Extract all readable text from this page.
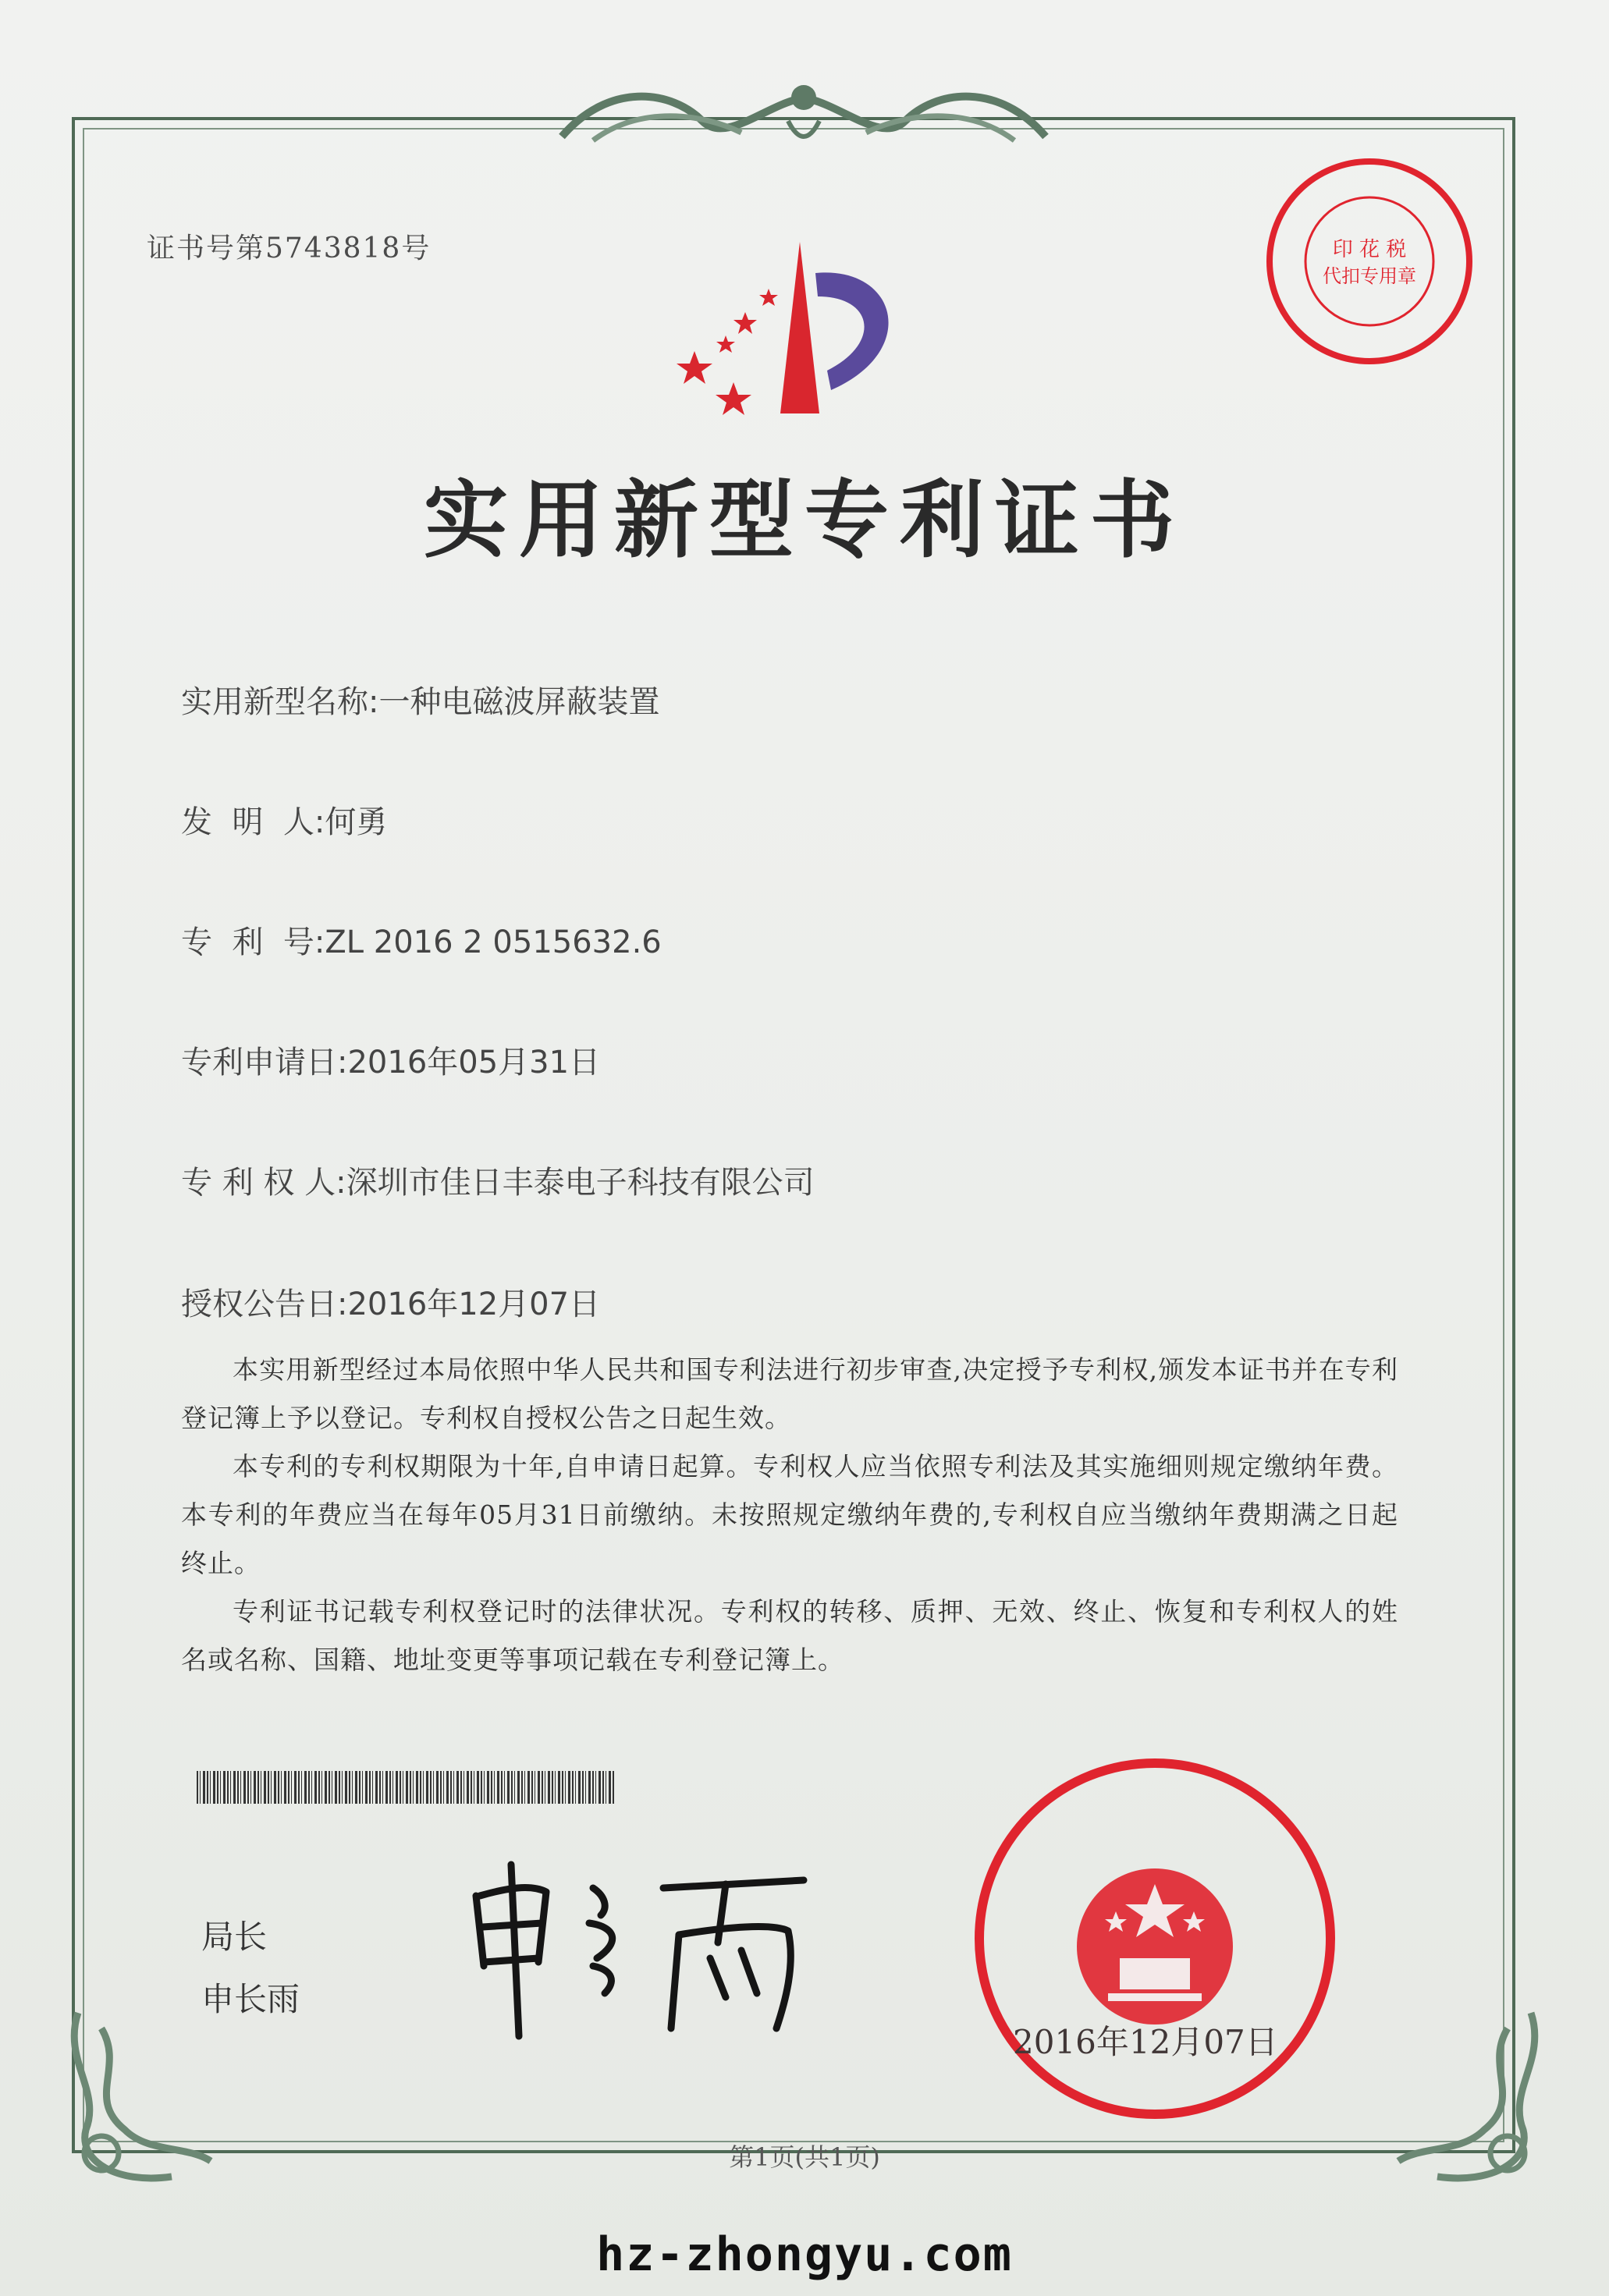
证书号第5743818号	印 花 税
代扣专用章
实用新型专利证书
实用新型名称:一种电磁波屏蔽装置
发  明  人:何勇
专  利  号:ZL 2016 2 0515632.6
专利申请日:2016年05月31日
专 利 权 人:深圳市佳日丰泰电子科技有限公司
授权公告日:2016年12月07日

本实用新型经过本局依照中华人民共和国专利法进行初步审查,决定授予专利权,颁发本证书并在专利登记簿上予以登记。专利权自授权公告之日起生效。

本专利的专利权期限为十年,自申请日起算。专利权人应当依照专利法及其实施细则规定缴纳年费。本专利的年费应当在每年05月31日前缴纳。未按照规定缴纳年费的,专利权自应当缴纳年费期满之日起终止。

专利证书记载专利权登记时的法律状况。专利权的转移、质押、无效、终止、恢复和专利权人的姓名或名称、国籍、地址变更等事项记载在专利登记簿上。

局长
申长雨
2016年12月07日
第1页(共1页)
hz-zhongyu.com
